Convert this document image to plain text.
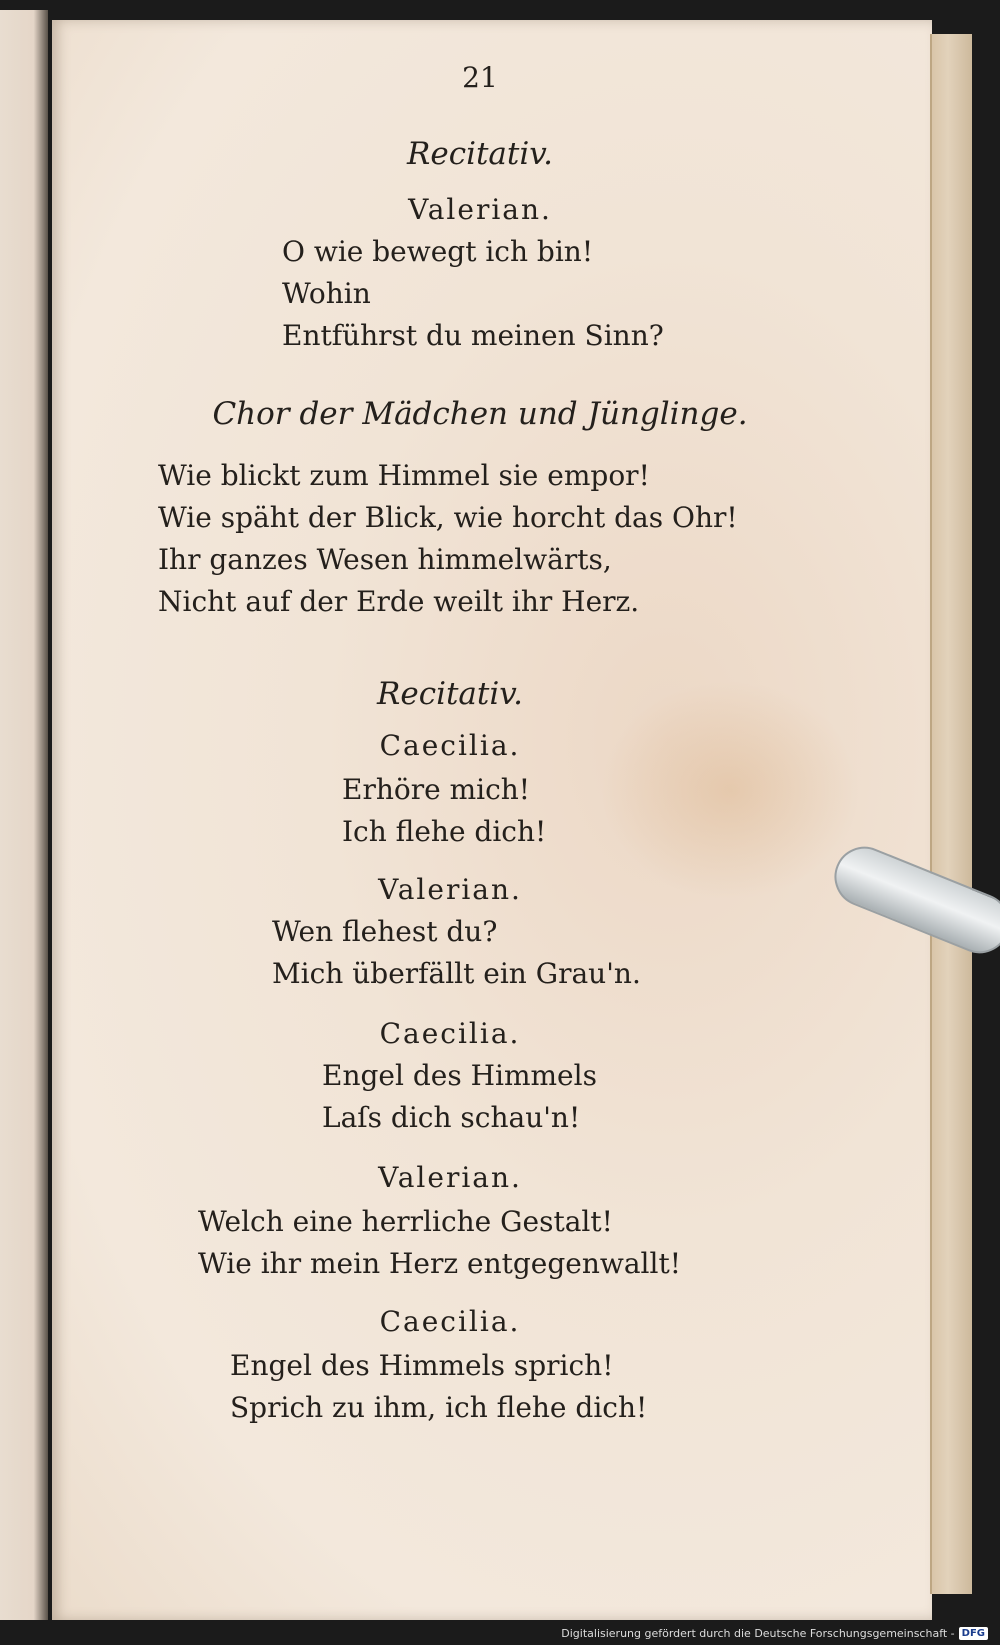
21
Recitativ.
Valerian.
O wie bewegt ich bin!
Wohin
Entführst du meinen Sinn?
Chor der Mädchen und Jünglinge.
Wie blickt zum Himmel sie empor!
Wie späht der Blick, wie horcht das Ohr!
Ihr ganzes Wesen himmelwärts,
Nicht auf der Erde weilt ihr Herz.
Recitativ.
Caecilia.
Erhöre mich!
Ich flehe dich!
Valerian.
Wen flehest du?
Mich überfällt ein Grau'n.
Caecilia.
Engel des Himmels
Laſs dich schau'n!
Valerian.
Welch eine herrliche Gestalt!
Wie ihr mein Herz entgegenwallt!
Caecilia.
Engel des Himmels sprich!
Sprich zu ihm, ich flehe dich!
Digitalisierung gefördert durch die Deutsche Forschungsgemeinschaft - DFG
